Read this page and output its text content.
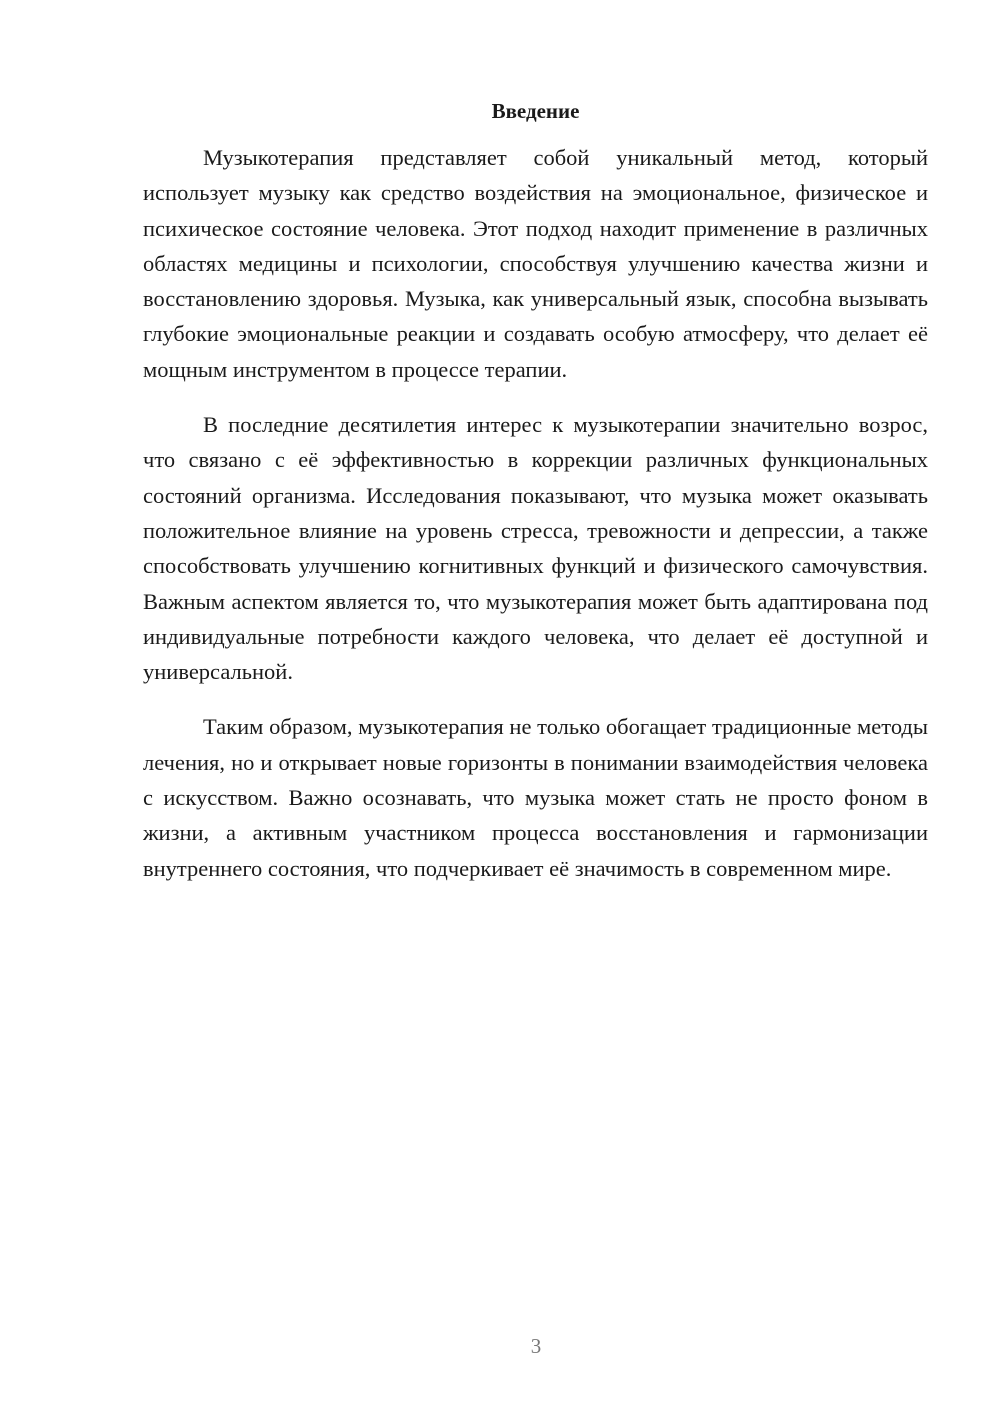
Введение

Музыкотерапия представляет собой уникальный метод, который использует музыку как средство воздействия на эмоциональное, физическое и психическое состояние человека. Этот подход находит применение в различных областях медицины и психологии, способствуя улучшению качества жизни и восстановлению здоровья. Музыка, как универсальный язык, способна вызывать глубокие эмоциональные реакции и создавать особую атмосферу, что делает её мощным инструментом в процессе терапии.

В последние десятилетия интерес к музыкотерапии значительно возрос, что связано с её эффективностью в коррекции различных функциональных состояний организма. Исследования показывают, что музыка может оказывать положительное влияние на уровень стресса, тревожности и депрессии, а также способствовать улучшению когнитивных функций и физического самочувствия. Важным аспектом является то, что музыкотерапия может быть адаптирована под индивидуальные потребности каждого человека, что делает её доступной и универсальной.

Таким образом, музыкотерапия не только обогащает традиционные методы лечения, но и открывает новые горизонты в понимании взаимодействия человека с искусством. Важно осознавать, что музыка может стать не просто фоном в жизни, а активным участником процесса восстановления и гармонизации внутреннего состояния, что подчеркивает её значимость в современном мире.

3
